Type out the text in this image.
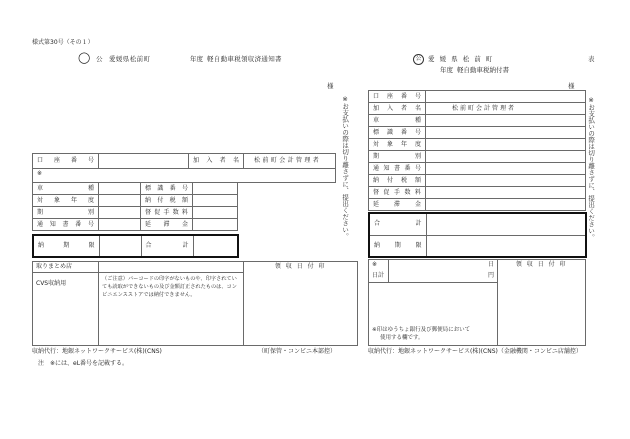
様式第30号（その１）
◯ 公 愛媛県松前町	年度 軽自動車税領収済通知書	公 愛 媛 県 松 前 町	表
年度 軽自動車税納付書
様	様
※お支払いの際は切り離さずに、提出ください。	※お支払いの際は切り離さずに、提出ください。
口 座 番 号		加 入 者 名	松前町会計管理者

※
車 種		標 識 番 号	

対 象 年 度		納 付 税 額	

期 別		督促手数料	

通知書番号		延 滞 金	

納 期 限		合 計

取りまとめ店		領 収 日 付 印
CVS収納用	（ご注意）バーコードの印字がないものや、印字されていても読取ができないもの及び金額訂正されたものは、コンビニエンスストアでは納付できません。	
収納代行：地銀ネットワークサービス(株)(CNS)	（町保管・コンビニ本部控）
注　※には、eL番号を記載する。
口 座 番 号	

加 入 者 名	松前町会計管理者

車 種	

標 識 番 号	

対 象 年 度	

期 別	

通知書番号	

納 付 税 額	

督促手数料	

延 滞 金	

合 計	

納 期 限	

※	日	領 収 日 付 印
日計	円	

※印はゆうちょ銀行及び郵便局において
使用する欄です。		
収納代行：地銀ネットワークサービス(株)(CNS)（金融機関・コンビニ店舗控）
